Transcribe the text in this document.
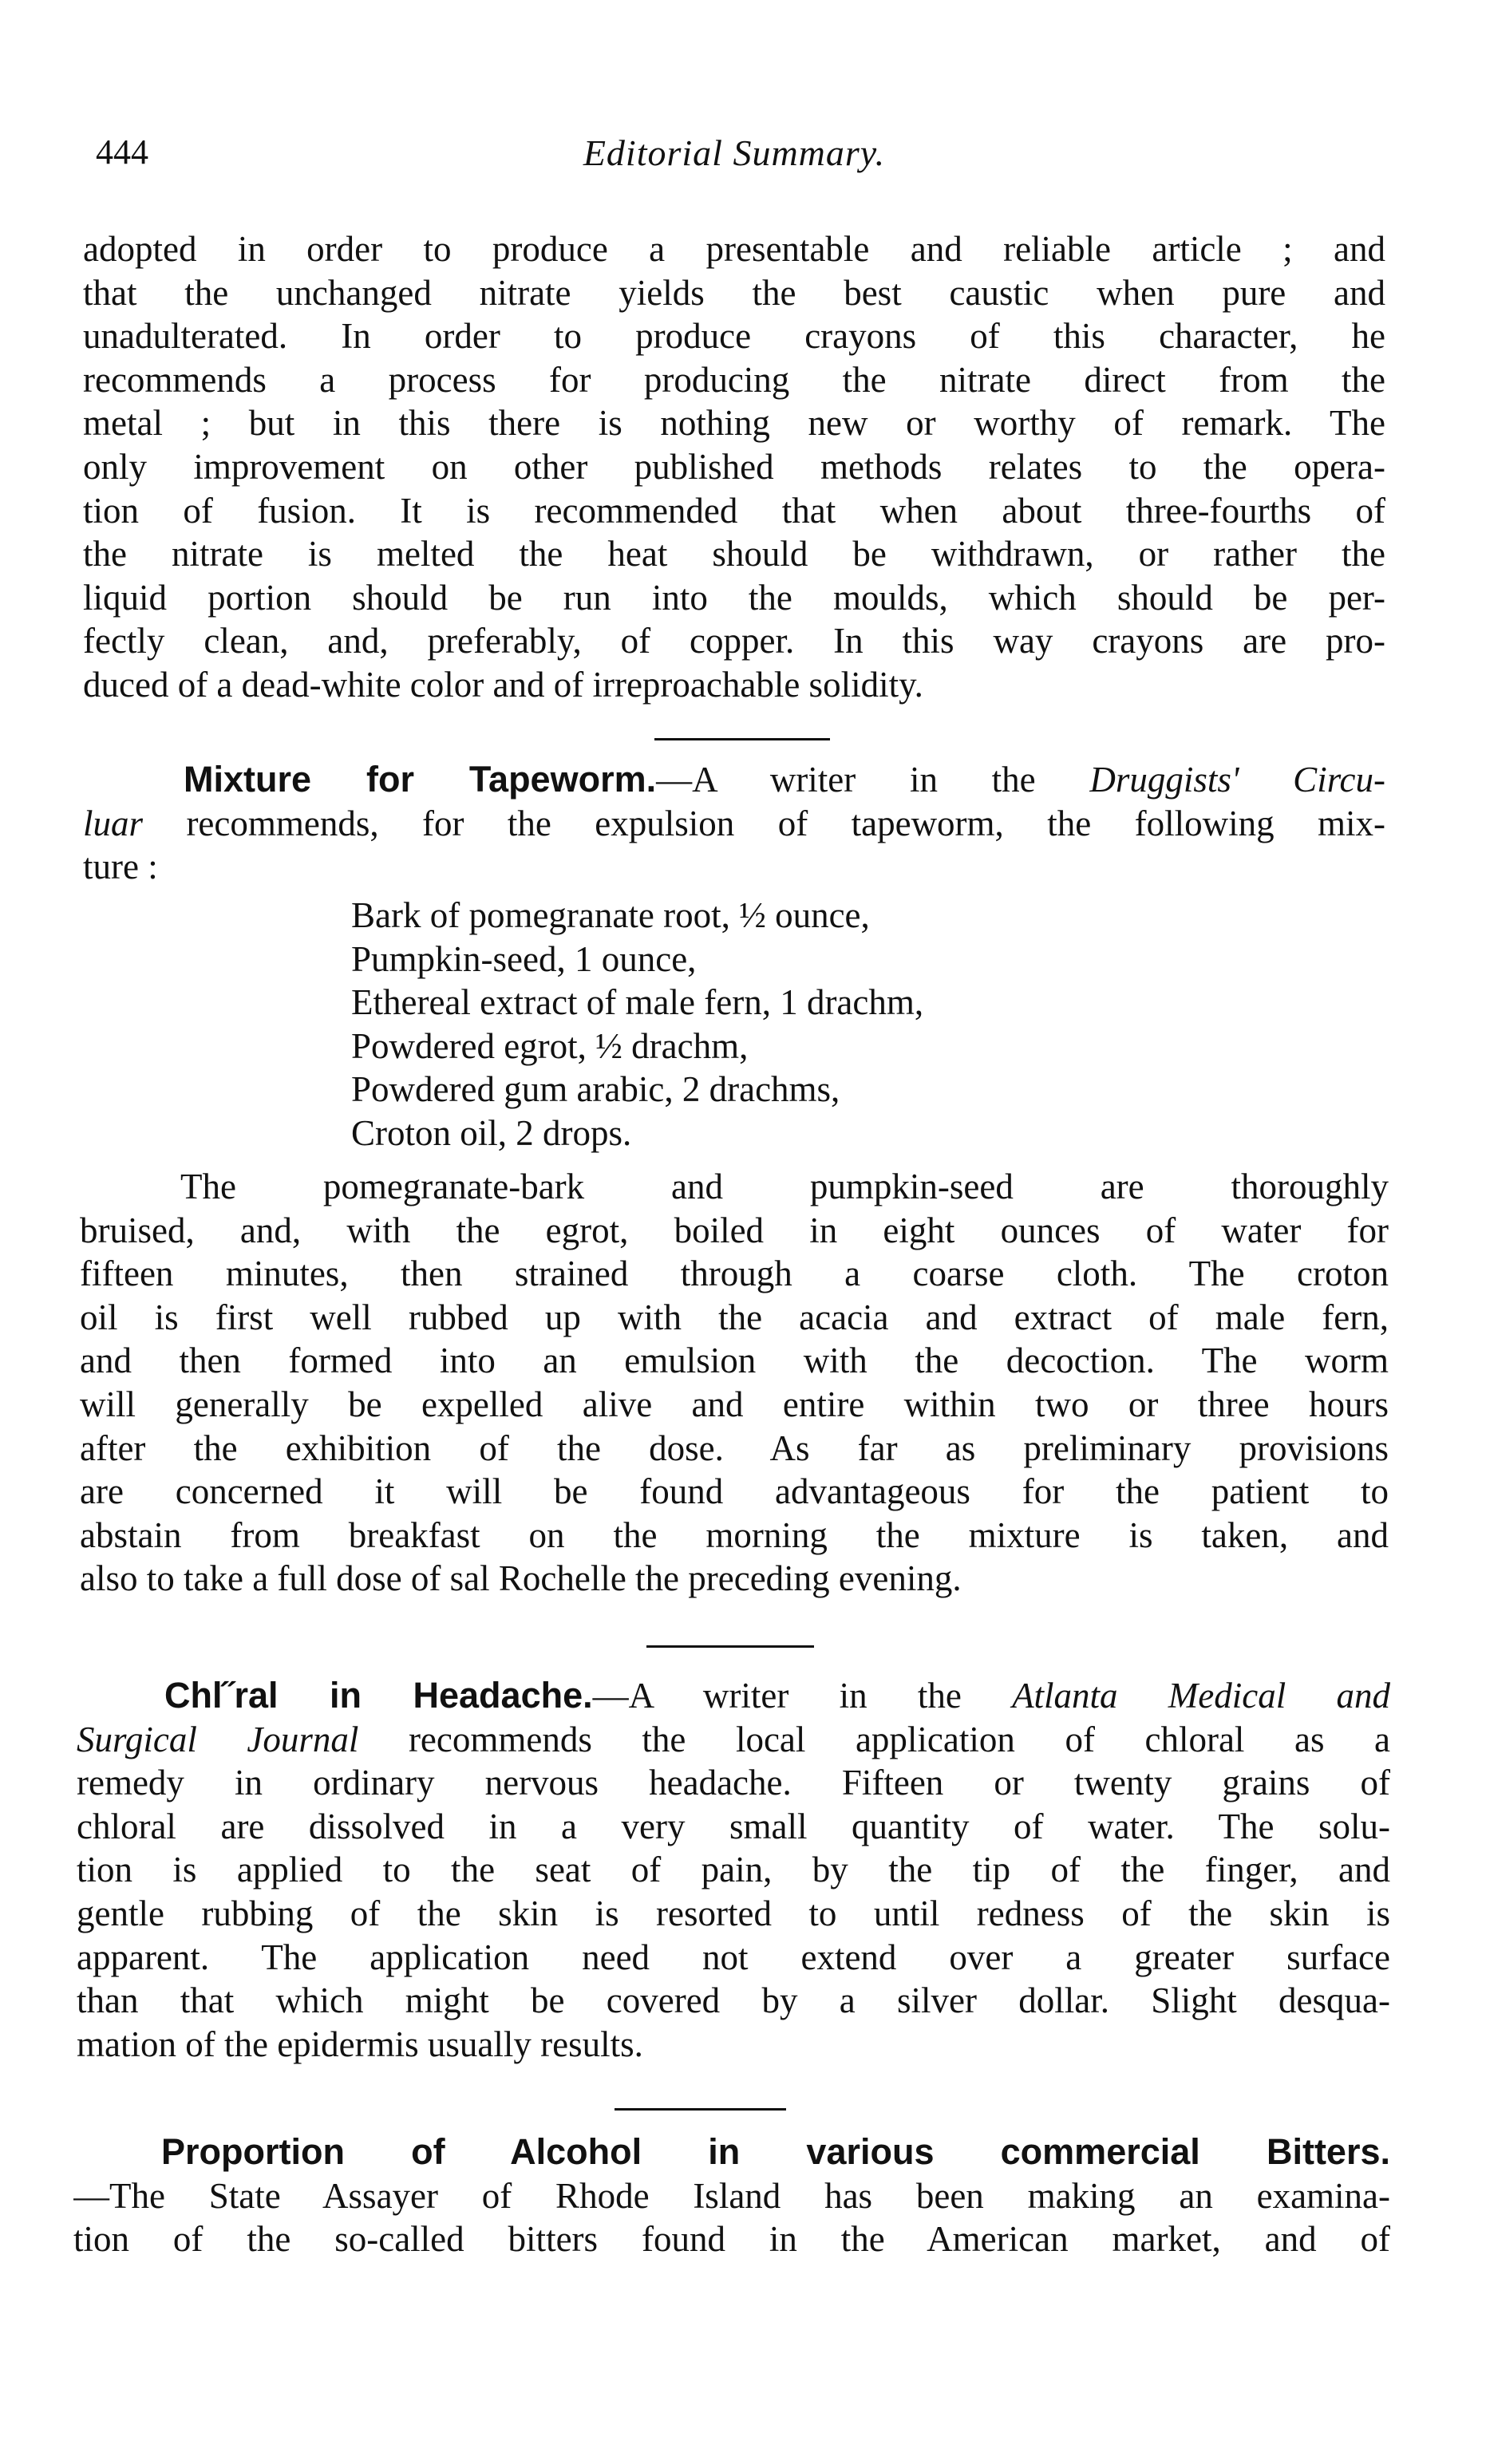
444	Editorial Summary.
adopted in order to produce a presentable and reliable article ; and
that the unchanged nitrate yields the best caustic when pure and
unadulterated. In order to produce crayons of this character, he
recommends a process for producing the nitrate direct from the
metal ; but in this there is nothing new or worthy of remark. The
only improvement on other published methods relates to the opera-
tion of fusion. It is recommended that when about three-fourths of
the nitrate is melted the heat should be withdrawn, or rather the
liquid portion should be run into the moulds, which should be per-
fectly clean, and, preferably, of copper. In this way crayons are pro-
duced of a dead-white color and of irreproachable solidity.
Mixture for Tapeworm.—A writer in the Druggists' Circu-
luar recommends, for the expulsion of tapeworm, the following mix-
ture :
Bark of pomegranate root, ½ ounce,
Pumpkin-seed, 1 ounce,
Ethereal extract of male fern, 1 drachm,
Powdered egrot, ½ drachm,
Powdered gum arabic, 2 drachms,
Croton oil, 2 drops.
The pomegranate-bark and pumpkin-seed are thoroughly
bruised, and, with the egrot, boiled in eight ounces of water for
fifteen minutes, then strained through a coarse cloth. The croton
oil is first well rubbed up with the acacia and extract of male fern,
and then formed into an emulsion with the decoction. The worm
will generally be expelled alive and entire within two or three hours
after the exhibition of the dose. As far as preliminary provisions
are concerned it will be found advantageous for the patient to
abstain from breakfast on the morning the mixture is taken, and
also to take a full dose of sal Rochelle the preceding evening.
Chl˝ral in Headache.—A writer in the Atlanta Medical and
Surgical Journal recommends the local application of chloral as a
remedy in ordinary nervous headache. Fifteen or twenty grains of
chloral are dissolved in a very small quantity of water. The solu-
tion is applied to the seat of pain, by the tip of the finger, and
gentle rubbing of the skin is resorted to until redness of the skin is
apparent. The application need not extend over a greater surface
than that which might be covered by a silver dollar. Slight desqua-
mation of the epidermis usually results.
Proportion of Alcohol in various commercial Bitters.
—The State Assayer of Rhode Island has been making an examina-
tion of the so-called bitters found in the American market, and of
